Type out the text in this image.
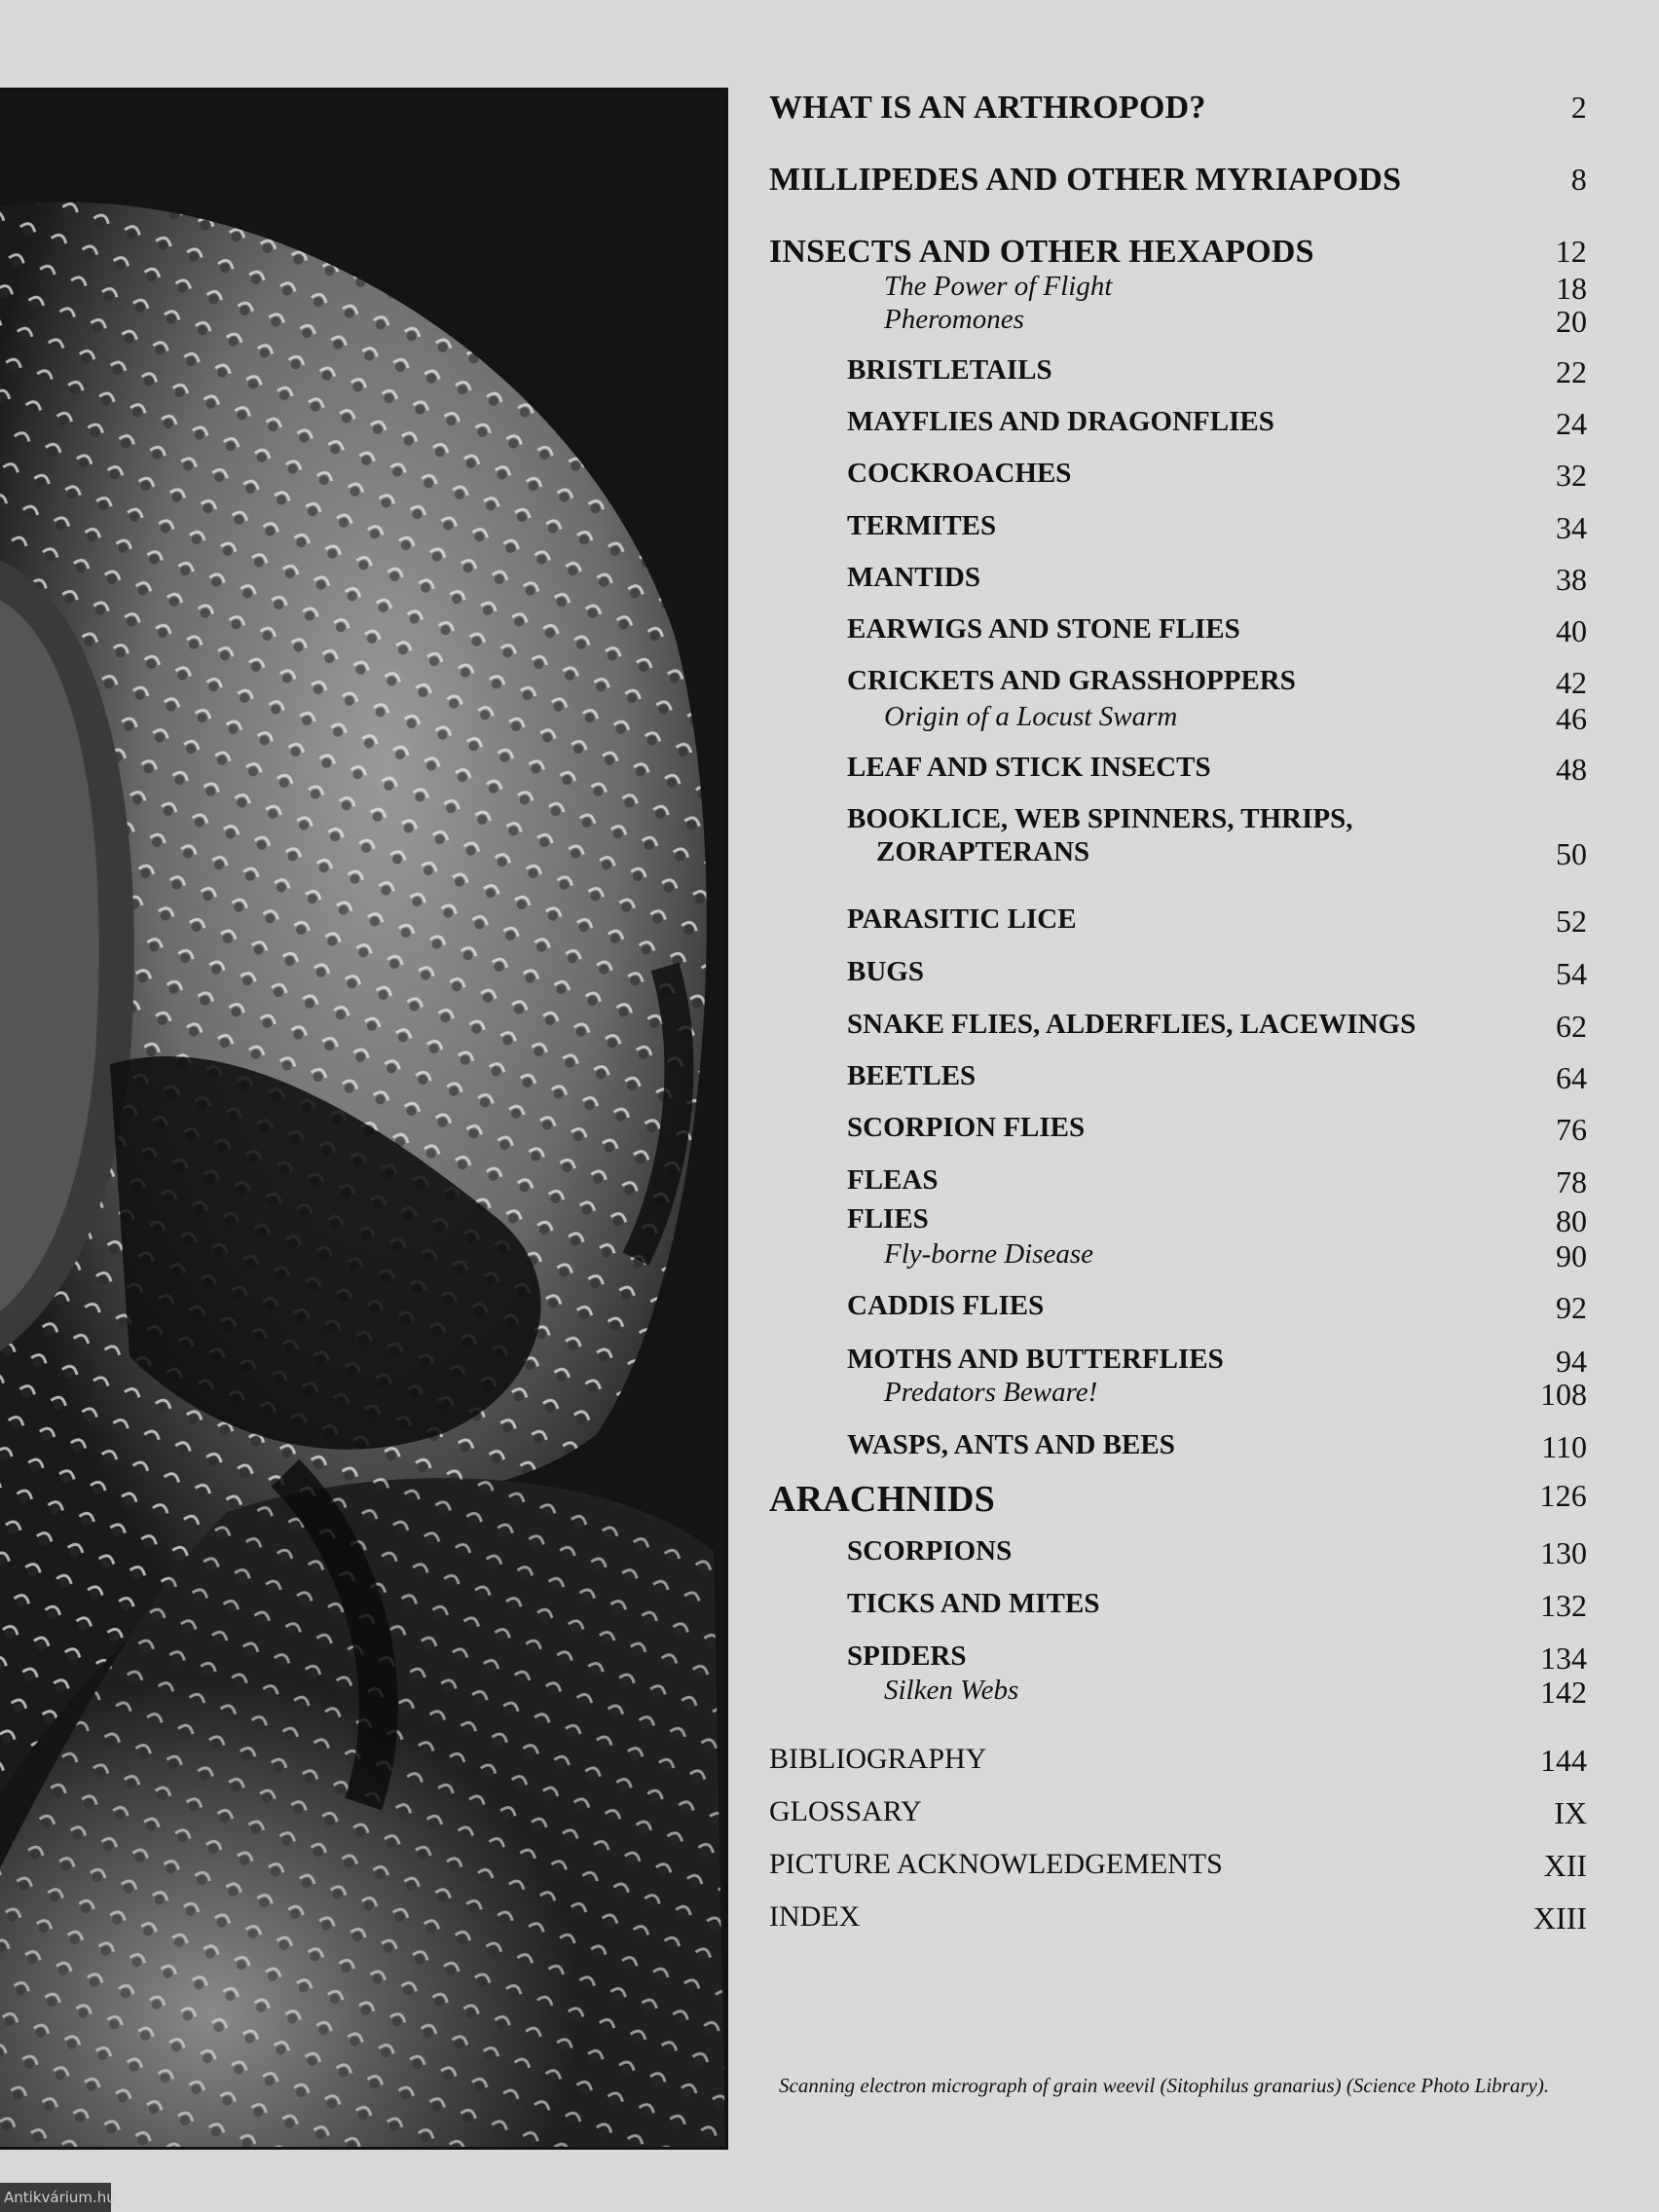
WHAT IS AN ARTHROPOD?	2
MILLIPEDES AND OTHER MYRIAPODS	8
INSECTS AND OTHER HEXAPODS	12
The Power of Flight	18
Pheromones	20
BRISTLETAILS	22
MAYFLIES AND DRAGONFLIES	24
COCKROACHES	32
TERMITES	34
MANTIDS	38
EARWIGS AND STONE FLIES	40
CRICKETS AND GRASSHOPPERS	42
Origin of a Locust Swarm	46
LEAF AND STICK INSECTS	48
BOOKLICE, WEB SPINNERS, THRIPS,
ZORAPTERANS	50
PARASITIC LICE	52
BUGS	54
SNAKE FLIES, ALDERFLIES, LACEWINGS	62
BEETLES	64
SCORPION FLIES	76
FLEAS	78
FLIES	80
Fly-borne Disease	90
CADDIS FLIES	92
MOTHS AND BUTTERFLIES	94
Predators Beware!	108
WASPS, ANTS AND BEES	110
ARACHNIDS	126
SCORPIONS	130
TICKS AND MITES	132
SPIDERS	134
Silken Webs	142
BIBLIOGRAPHY	144
GLOSSARY	IX
PICTURE ACKNOWLEDGEMENTS	XII
INDEX	XIII
Scanning electron micrograph of grain weevil (Sitophilus granarius) (Science Photo Library).
Antikvárium.hu
